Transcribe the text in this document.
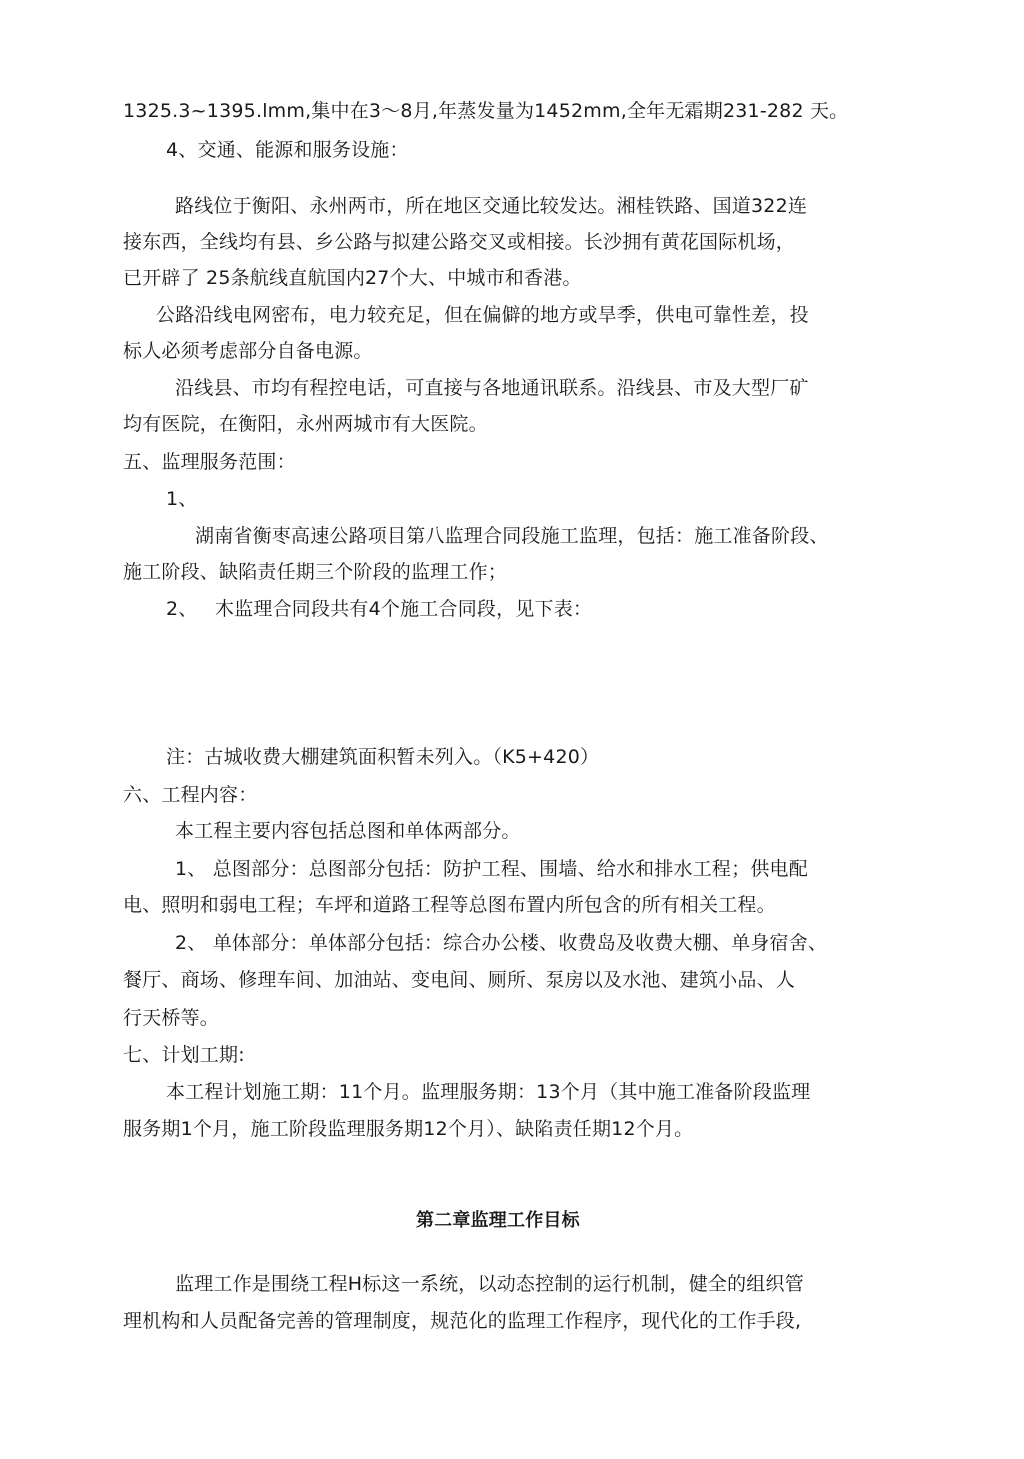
1325.3~1395.lmm,集中在3～8月,年蒸发量为1452mm,全年无霜期231-282 天。
4、交通、能源和服务设施：
路线位于衡阳、永州两市，所在地区交通比较发达。湘桂铁路、国道322连
接东西，全线均有县、乡公路与拟建公路交叉或相接。长沙拥有黄花国际机场，
已开辟了 25条航线直航国内27个大、中城市和香港。
公路沿线电网密布，电力较充足，但在偏僻的地方或旱季，供电可靠性差，投
标人必须考虑部分自备电源。
沿线县、市均有程控电话，可直接与各地通讯联系。沿线县、市及大型厂矿
均有医院，在衡阳，永州两城市有大医院。
五、监理服务范围：
1、
湖南省衡枣高速公路项目第八监理合同段施工监理，包括：施工准备阶段、
施工阶段、缺陷责任期三个阶段的监理工作；
2、 木监理合同段共有4个施工合同段，见下表：
注：古城收费大棚建筑面积暂未列入。（K5+420）
六、工程内容：
本工程主要内容包括总图和单体两部分。
1、 总图部分：总图部分包括：防护工程、围墙、给水和排水工程；供电配
电、照明和弱电工程；车坪和道路工程等总图布置内所包含的所有相关工程。
2、 单体部分：单体部分包括：综合办公楼、收费岛及收费大棚、单身宿舍、
餐厅、商场、修理车间、加油站、变电间、厕所、泵房以及水池、建筑小品、人
行天桥等。
七、计划工期:
本工程计划施工期：11个月。监理服务期：13个月（其中施工准备阶段监理
服务期1个月，施工阶段监理服务期12个月）、缺陷责任期12个月。
第二章监理工作目标
监理工作是围绕工程H标这一系统，以动态控制的运行机制，健全的组织管
理机构和人员配备完善的管理制度，规范化的监理工作程序，现代化的工作手段,
